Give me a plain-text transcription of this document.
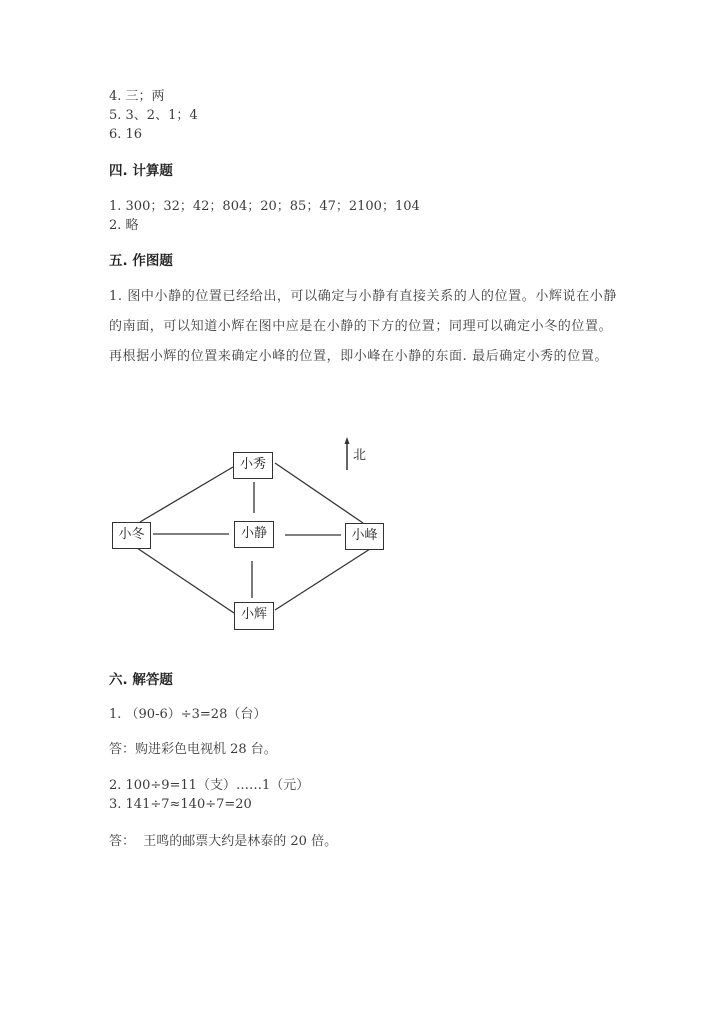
4. 三；两
5. 3、2、1；4
6. 16
四. 计算题
1. 300；32；42；804；20；85；47；2100；104
2. 略
五. 作图题
1. 图中小静的位置已经给出，可以确定与小静有直接关系的人的位置。小辉说在小静的南面，可以知道小辉在图中应是在小静的下方的位置；同理可以确定小冬的位置。再根据小辉的位置来确定小峰的位置，即小峰在小静的东面. 最后确定小秀的位置。
小秀
小冬	小静	小峰
小辉
北
六. 解答题
1. （90-6）÷3=28（台）
答：购进彩色电视机 28 台。
2. 100÷9=11（支）……1（元）
3. 141÷7≈140÷7=20
答：  王鸣的邮票大约是林泰的 20 倍。
